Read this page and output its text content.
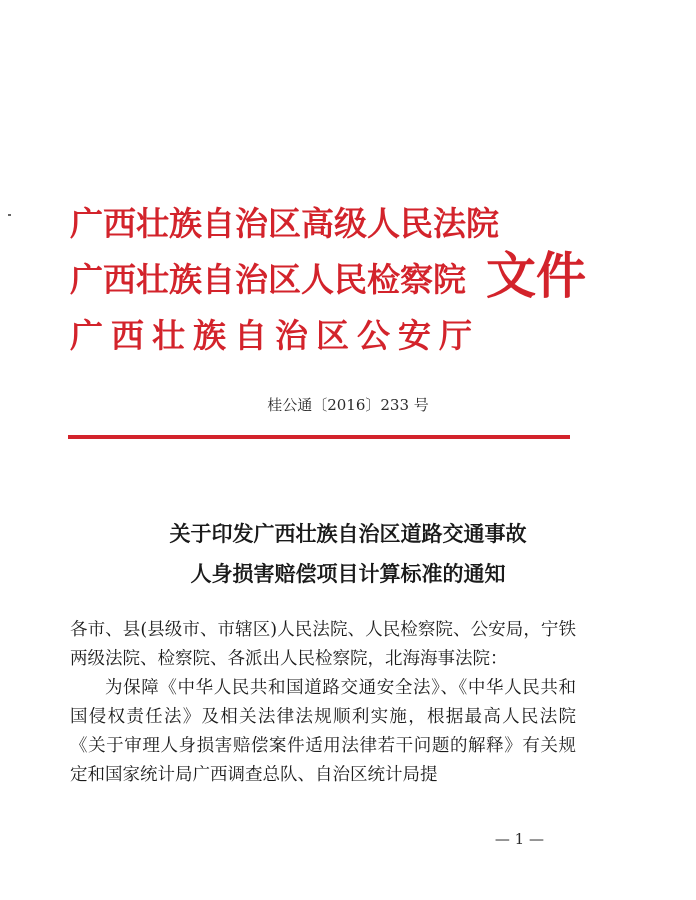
广西壮族自治区高级人民法院
广西壮族自治区人民检察院
广西壮族自治区公安厅
文件
桂公通〔2016〕233 号
关于印发广西壮族自治区道路交通事故
人身损害赔偿项目计算标准的通知

各市、县(县级市、市辖区)人民法院、人民检察院、公安局，宁铁两级法院、检察院、各派出人民检察院，北海海事法院：

为保障《中华人民共和国道路交通安全法》、《中华人民共和国侵权责任法》及相关法律法规顺利实施，根据最高人民法院《关于审理人身损害赔偿案件适用法律若干问题的解释》有关规定和国家统计局广西调查总队、自治区统计局提

— 1 —
